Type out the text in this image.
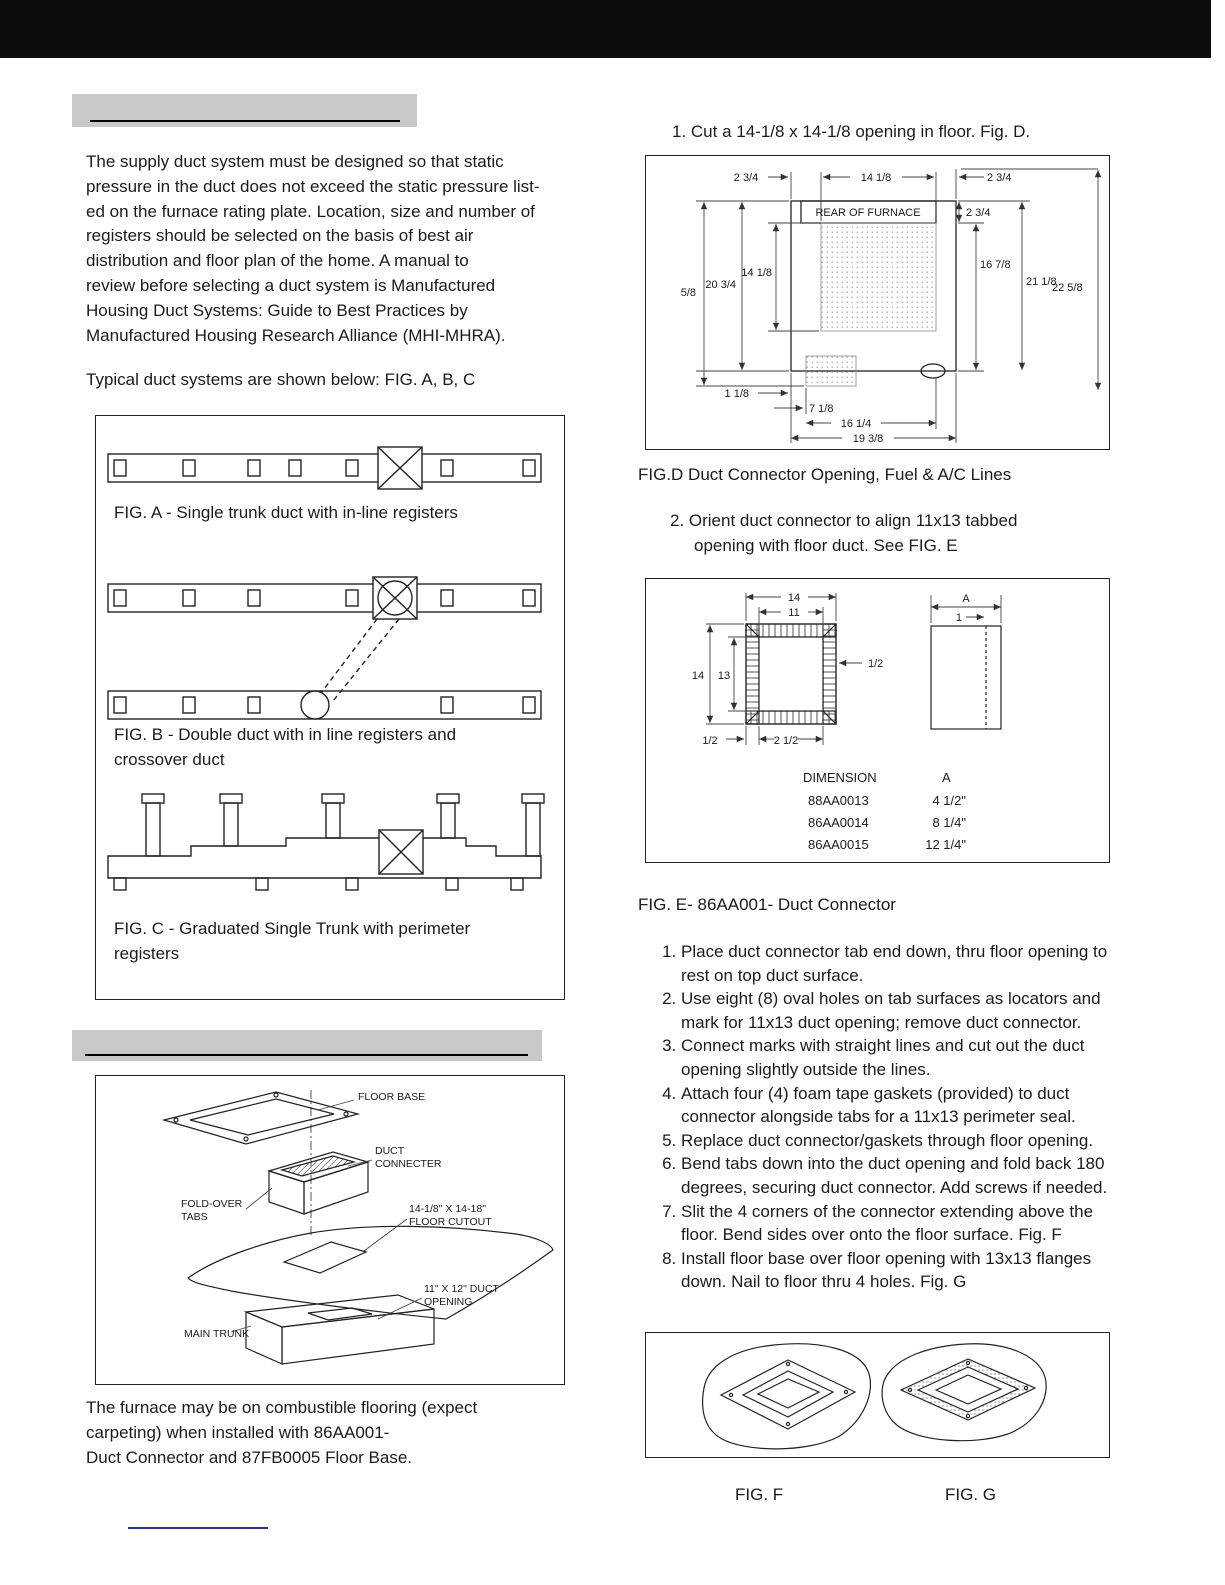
The supply duct system must be designed so that static
pressure in the duct does not exceed the static pressure list-
ed on the furnace rating plate. Location, size and number of
registers should be selected on the basis of best air
distribution and floor plan of the home. A manual to
review before selecting a duct system is Manufactured
Housing Duct Systems: Guide to Best Practices by
Manufactured Housing Research Alliance (MHI-MHRA).
Typical duct systems are shown below: FIG. A, B, C
FIG. A - Single trunk duct with in-line registers
FIG. B - Double duct with in line registers and crossover duct
FIG. C - Graduated Single Trunk with perimeter registers
FLOOR BASE
DUCT
CONNECTER
FOLD-OVER
TABS
14-1/8" X 14-18"
FLOOR CUTOUT
11" X 12" DUCT
OPENING
MAIN TRUNK
The furnace may be on combustible flooring (expect
carpeting) when installed with 86AA001-
Duct Connector and 87FB0005 Floor Base.
1. Cut a 14-1/8 x 14-1/8 opening in floor. Fig. D.
REAR OF FURNACE
2 3/4	14 1/8	2 3/4
2 3/4
14 1/8
20 3/4
5/8
16 7/8
21 1/8
22 5/8
1 1/8
7 1/8
16 1/4
19 3/8
FIG.D Duct Connector Opening, Fuel & A/C Lines
2. Orient duct connector to align 11x13 tabbed
opening with floor duct. See FIG. E
14
11
14 13
1/2
1/2	2 1/2
A
1
DIMENSION	A
88AA0013	4 1/2"
86AA0014	8 1/4"
86AA0015	12 1/4"
FIG. E- 86AA001- Duct Connector
1. Place duct connector tab end down, thru floor opening to rest on top duct surface.
2. Use eight (8) oval holes on tab surfaces as locators and mark for 11x13 duct opening; remove duct connector.
3. Connect marks with straight lines and cut out the duct opening slightly outside the lines.
4. Attach four (4) foam tape gaskets (provided) to duct connector alongside tabs for a 11x13 perimeter seal.
5. Replace duct connector/gaskets through floor opening.
6. Bend tabs down into the duct opening and fold back 180 degrees, securing duct connector. Add screws if needed.
7. Slit the 4 corners of the connector extending above the floor. Bend sides over onto the floor surface. Fig. F
8. Install floor base over floor opening with 13x13 flanges down. Nail to floor thru 4 holes. Fig. G
FIG. F	FIG. G
